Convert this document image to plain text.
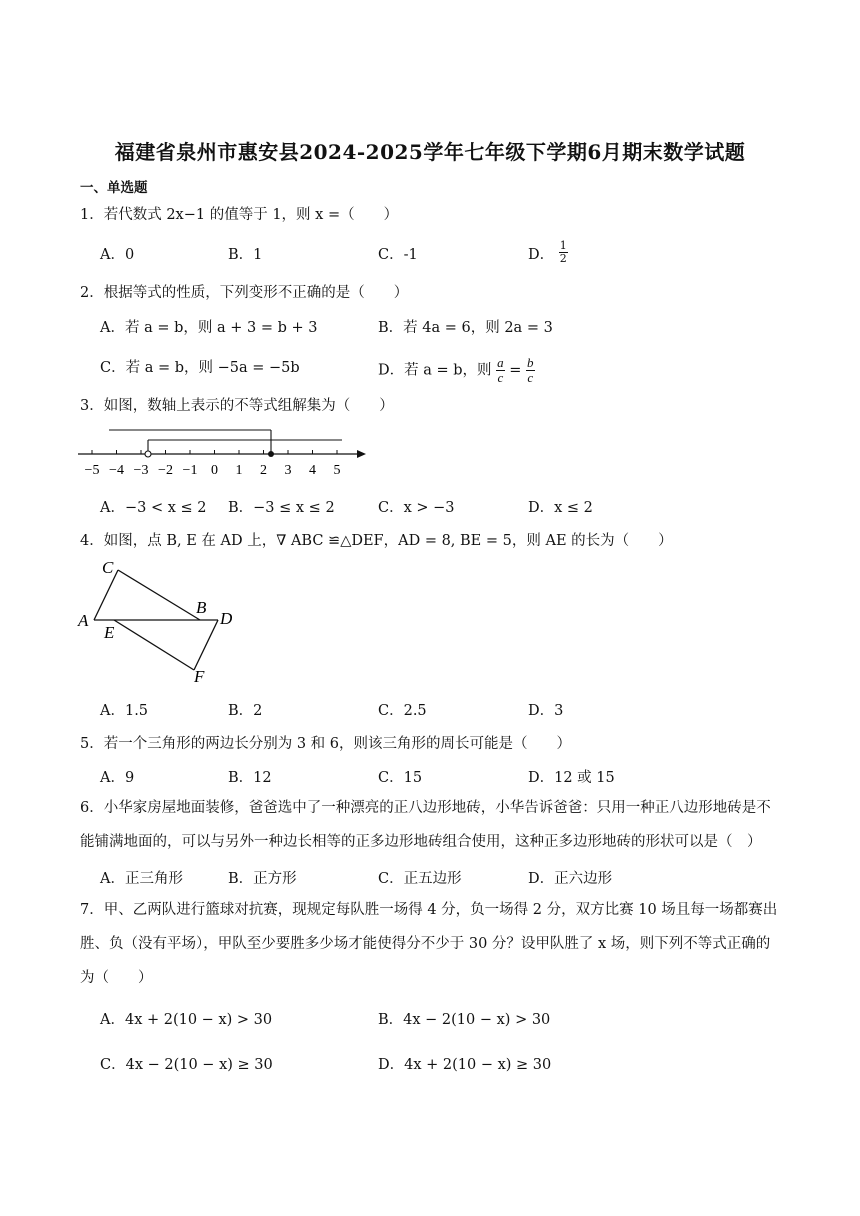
福建省泉州市惠安县2024-2025学年七年级下学期6月期末数学试题
一、单选题
1．若代数式 2x−1 的值等于 1，则 x =（　　）
A．0	B．1	C．-1	D． $\frac{1}{2}$
2．根据等式的性质，下列变形不正确的是（　　）
A．若 a = b，则 a + 3 = b + 3	B．若 4a = 6，则 2a = 3
C．若 a = b，则 −5a = −5b	D．若 a = b，则 $\frac{a}{c} = \frac{b}{c}$
3．如图，数轴上表示的不等式组解集为（　　）
−5 −4 −3 −2 −1 0 1 2 3 4 5
A．−3 < x ≤ 2 B．−3 ≤ x ≤ 2	C．x > −3	D．x ≤ 2
4．如图，点 B, E 在 AD 上，∇ ABC ≌△DEF，AD = 8, BE = 5，则 AE 的长为（　　）
A
C
B
D
E
F
A．1.5	B．2	C．2.5	D．3
5．若一个三角形的两边长分别为 3 和 6，则该三角形的周长可能是（　　）
A．9	B．12	C．15	D．12 或 15
6．小华家房屋地面装修，爸爸选中了一种漂亮的正八边形地砖，小华告诉爸爸：只用一种正八边形地砖是不能铺满地面的，可以与另外一种边长相等的正多边形地砖组合使用，这种正多边形地砖的形状可以是（　）
A．正三角形	B．正方形	C．正五边形	D．正六边形
7．甲、乙两队进行篮球对抗赛，现规定每队胜一场得 4 分，负一场得 2 分，双方比赛 10 场且每一场都赛出胜、负（没有平场），甲队至少要胜多少场才能使得分不少于 30 分？设甲队胜了 x 场，则下列不等式正确的为（　　）
A．4x + 2(10 − x) > 30	B．4x − 2(10 − x) > 30
C．4x − 2(10 − x) ≥ 30	D．4x + 2(10 − x) ≥ 30
